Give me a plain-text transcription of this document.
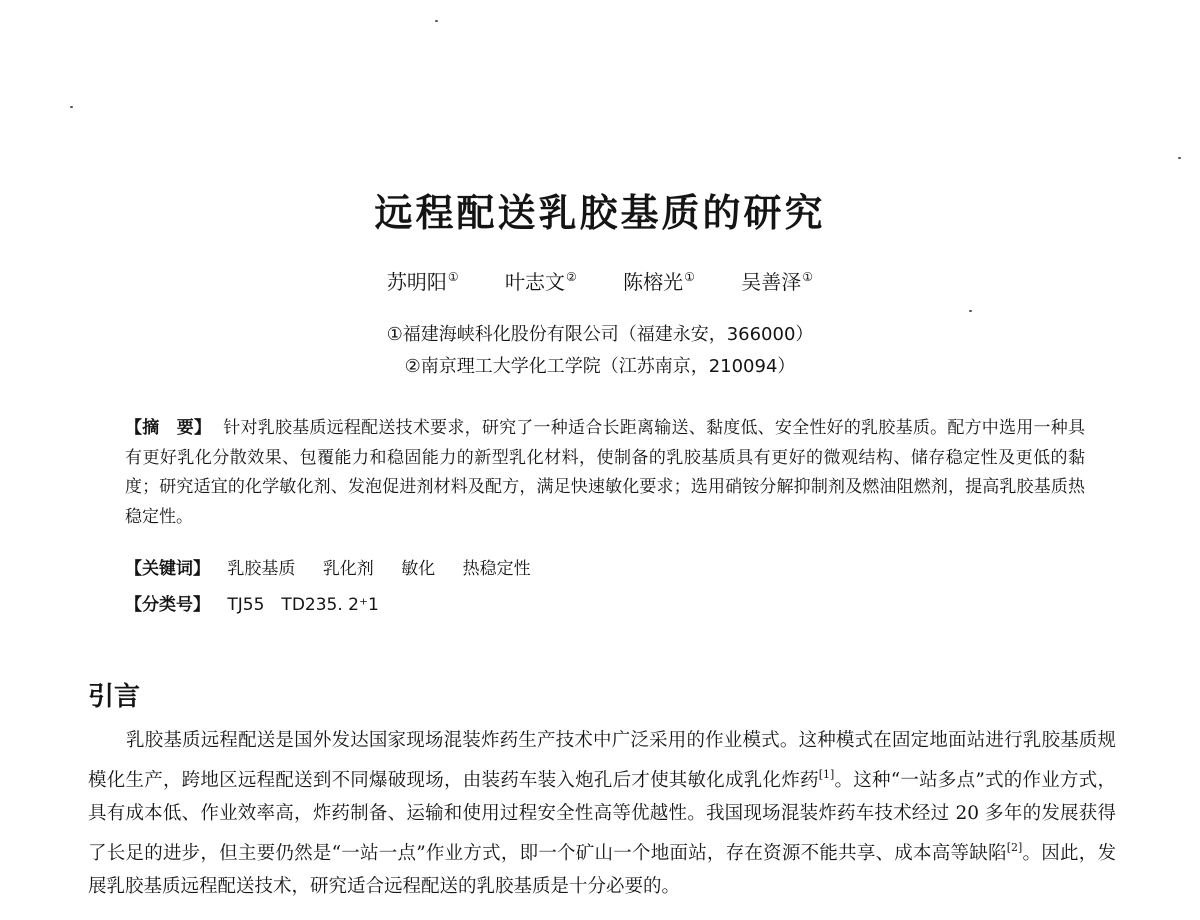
远程配送乳胶基质的研究
苏明阳① 叶志文② 陈榕光① 吴善泽①
①福建海峡科化股份有限公司（福建永安，366000）
②南京理工大学化工学院（江苏南京，210094）
【摘　要】 针对乳胶基质远程配送技术要求，研究了一种适合长距离输送、黏度低、安全性好的乳胶基质。配方中选用一种具有更好乳化分散效果、包覆能力和稳固能力的新型乳化材料，使制备的乳胶基质具有更好的微观结构、储存稳定性及更低的黏度；研究适宜的化学敏化剂、发泡促进剂材料及配方，满足快速敏化要求；选用硝铵分解抑制剂及燃油阻燃剂，提高乳胶基质热稳定性。
【关键词】 乳胶基质 乳化剂 敏化 热稳定性
【分类号】 TJ55　TD235. 2⁺1
引言
乳胶基质远程配送是国外发达国家现场混装炸药生产技术中广泛采用的作业模式。这种模式在固定地面站进行乳胶基质规模化生产，跨地区远程配送到不同爆破现场，由装药车装入炮孔后才使其敏化成乳化炸药[1]。这种“一站多点”式的作业方式，具有成本低、作业效率高，炸药制备、运输和使用过程安全性高等优越性。我国现场混装炸药车技术经过 20 多年的发展获得了长足的进步，但主要仍然是“一站一点”作业方式，即一个矿山一个地面站，存在资源不能共享、成本高等缺陷[2]。因此，发展乳胶基质远程配送技术，研究适合远程配送的乳胶基质是十分必要的。
